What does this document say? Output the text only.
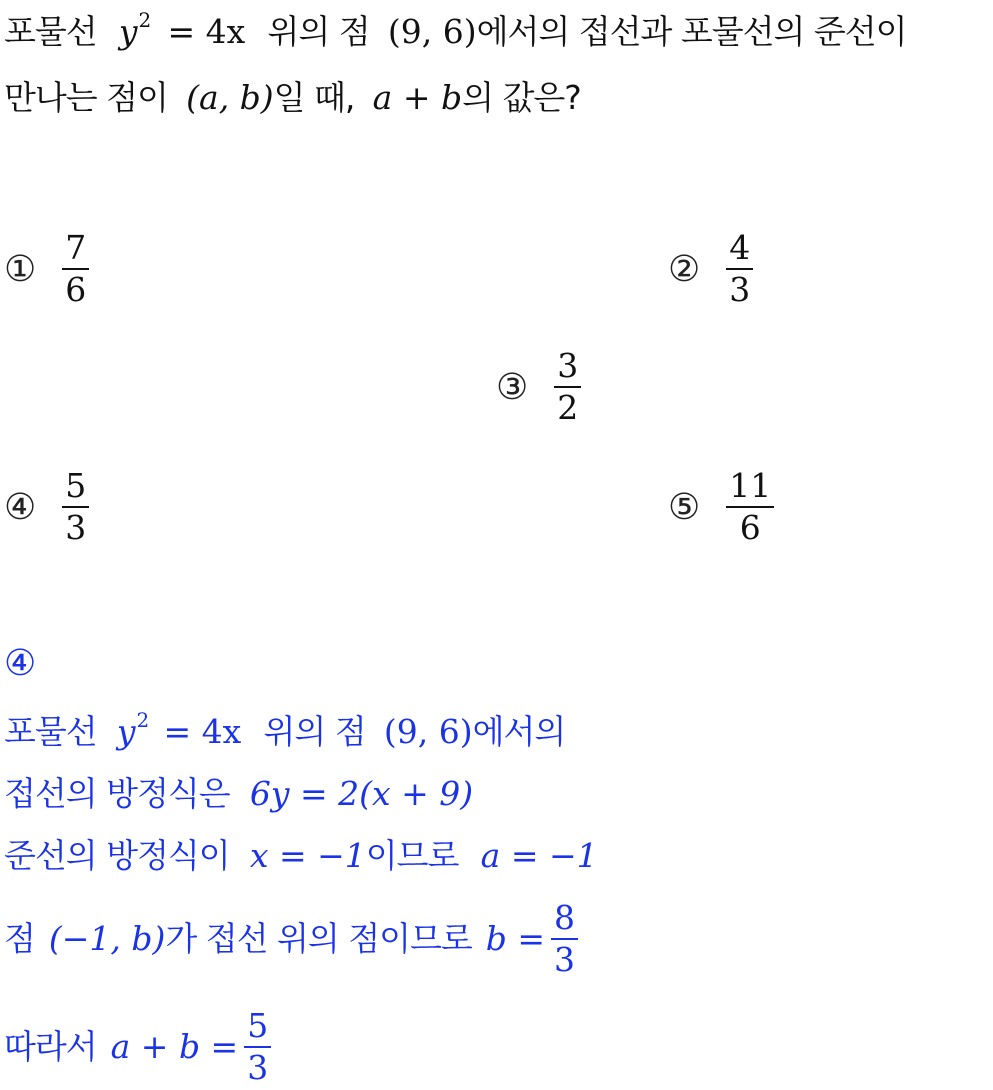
포물선 $y^2 = 4x$ 위의 점 (9, 6)에서의 접선과 포물선의 준선이
만나는 점이 (a, b)일 때, a + b의 값은?
① $\frac{7}{6}$	② $\frac{4}{3}$
③ $\frac{3}{2}$
④ $\frac{5}{3}$	⑤ $\frac{11}{6}$
④
포물선 $y^2 = 4x$ 위의 점 (9, 6)에서의
접선의 방정식은 6y = 2(x + 9)
준선의 방정식이 x = −1이므로 a = −1
점 (−1, b) 가 접선 위의 점이므로 $b = \frac{8}{3}$
따라서 $a + b = \frac{5}{3}$
